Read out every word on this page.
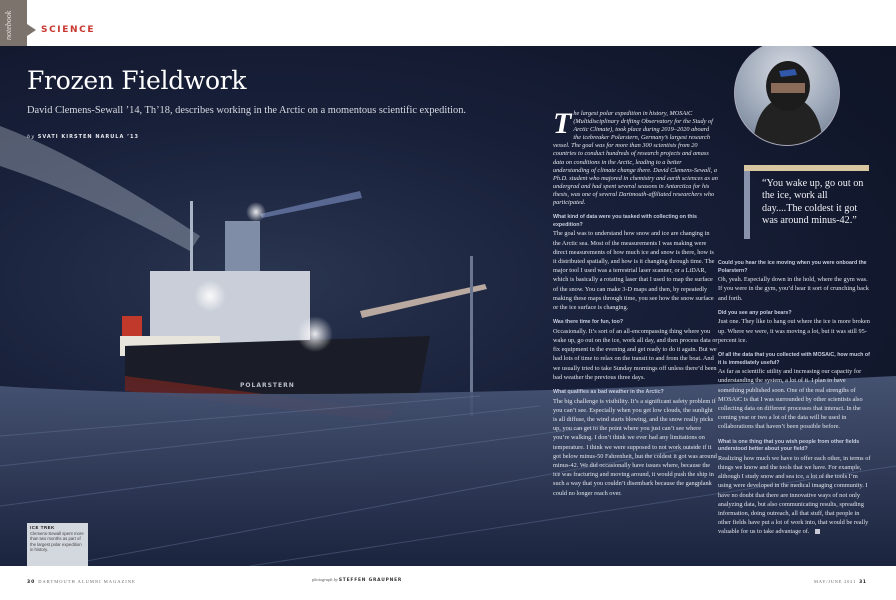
notebook	SCIENCE
POLARSTERN
Frozen Fieldwork
David Clemens-Sewall ’14, Th’18, describes working in the Arctic on a momentous scientific expedition.
by SVATI KIRSTEN NARULA ’13	The largest polar expedition in history, MOSAiC (Multidisciplinary drifting Observatory for the Study of Arctic Climate), took place during 2019–2020 aboard the icebreaker Polarstern, Germany’s largest research vessel. The goal was for more than 300 scientists from 20 countries to conduct hundreds of research projects and amass data on conditions in the Arctic, leading to a better understanding of climate change there. David Clemens-Sewall, a Ph.D. student who majored in chemistry and earth sciences as an undergrad and had spent several seasons in Antarctica for his thesis, was one of several Dartmouth-affiliated researchers who participated.

What kind of data were you tasked with collecting on this expedition?

The goal was to understand how snow and ice are changing in the Arctic sea. Most of the measurements I was making were direct measurements of how much ice and snow is there, how is it distributed spatially, and how is it changing through time. The major tool I used was a terrestrial laser scanner, or a LiDAR, which is basically a rotating laser that I used to map the surface of the snow. You can make 3-D maps and then, by repeatedly making these maps through time, you see how the snow surface or the ice surface is changing.

Was there time for fun, too?

Occasionally. It’s sort of an all-encompassing thing where you wake up, go out on the ice, work all day, and then process data or fix equipment in the evening and get ready to do it again. But we had lots of time to relax on the transit to and from the boat. And we usually tried to take Sunday mornings off unless there’d been bad weather the previous three days.

What qualifies as bad weather in the Arctic?

The big challenge is visibility. It’s a significant safety problem if you can’t see. Especially when you get low clouds, the sunlight is all diffuse, the wind starts blowing, and the snow really picks up, you can get to the point where you just can’t see where you’re walking. I don’t think we ever had any limitations on temperature. I think we were supposed to not work outside if it got below minus-50 Fahrenheit, but the coldest it got was around minus-42. We did occasionally have issues where, because the ice was fracturing and moving around, it would push the ship in such a way that you couldn’t disembark because the gangplank could no longer reach over.

“You wake up, go out on the ice, work all day....The coldest it got was around minus-42.”

Could you hear the ice moving when you were onboard the Polarstern?

Oh, yeah. Especially down in the hold, where the gym was. If you were in the gym, you’d hear it sort of crunching back and forth.

Did you see any polar bears?

Just one. They like to hang out where the ice is more broken up. Where we were, it was moving a lot, but it was still 95-percent ice.

Of all the data that you collected with MOSAiC, how much of it is immediately useful?

As far as scientific utility and increasing our capacity for understanding the system, a lot of it. I plan to have something published soon. One of the real strengths of MOSAiC is that I was surrounded by other scientists also collecting data on different processes that interact. In the coming year or two a lot of the data will be used in collaborations that haven’t been possible before.

What is one thing that you wish people from other fields understood better about your field?

Realizing how much we have to offer each other, in terms of things we know and the tools that we have. For example, although I study snow and sea ice, a lot of the tools I’m using were developed in the medical imaging community. I have no doubt that there are innovative ways of not only analyzing data, but also communicating results, spreading information, doing outreach, all that stuff, that people in other fields have put a lot of work into, that would be really valuable for us to take advantage of.

ICE TREK
Clemens-Sewall spent more than two months as part of the largest polar expedition in history.
30 DARTMOUTH ALUMNI MAGAZINE	photograph by STEFFEN GRAUPNER	MAY/JUNE 2021 31
